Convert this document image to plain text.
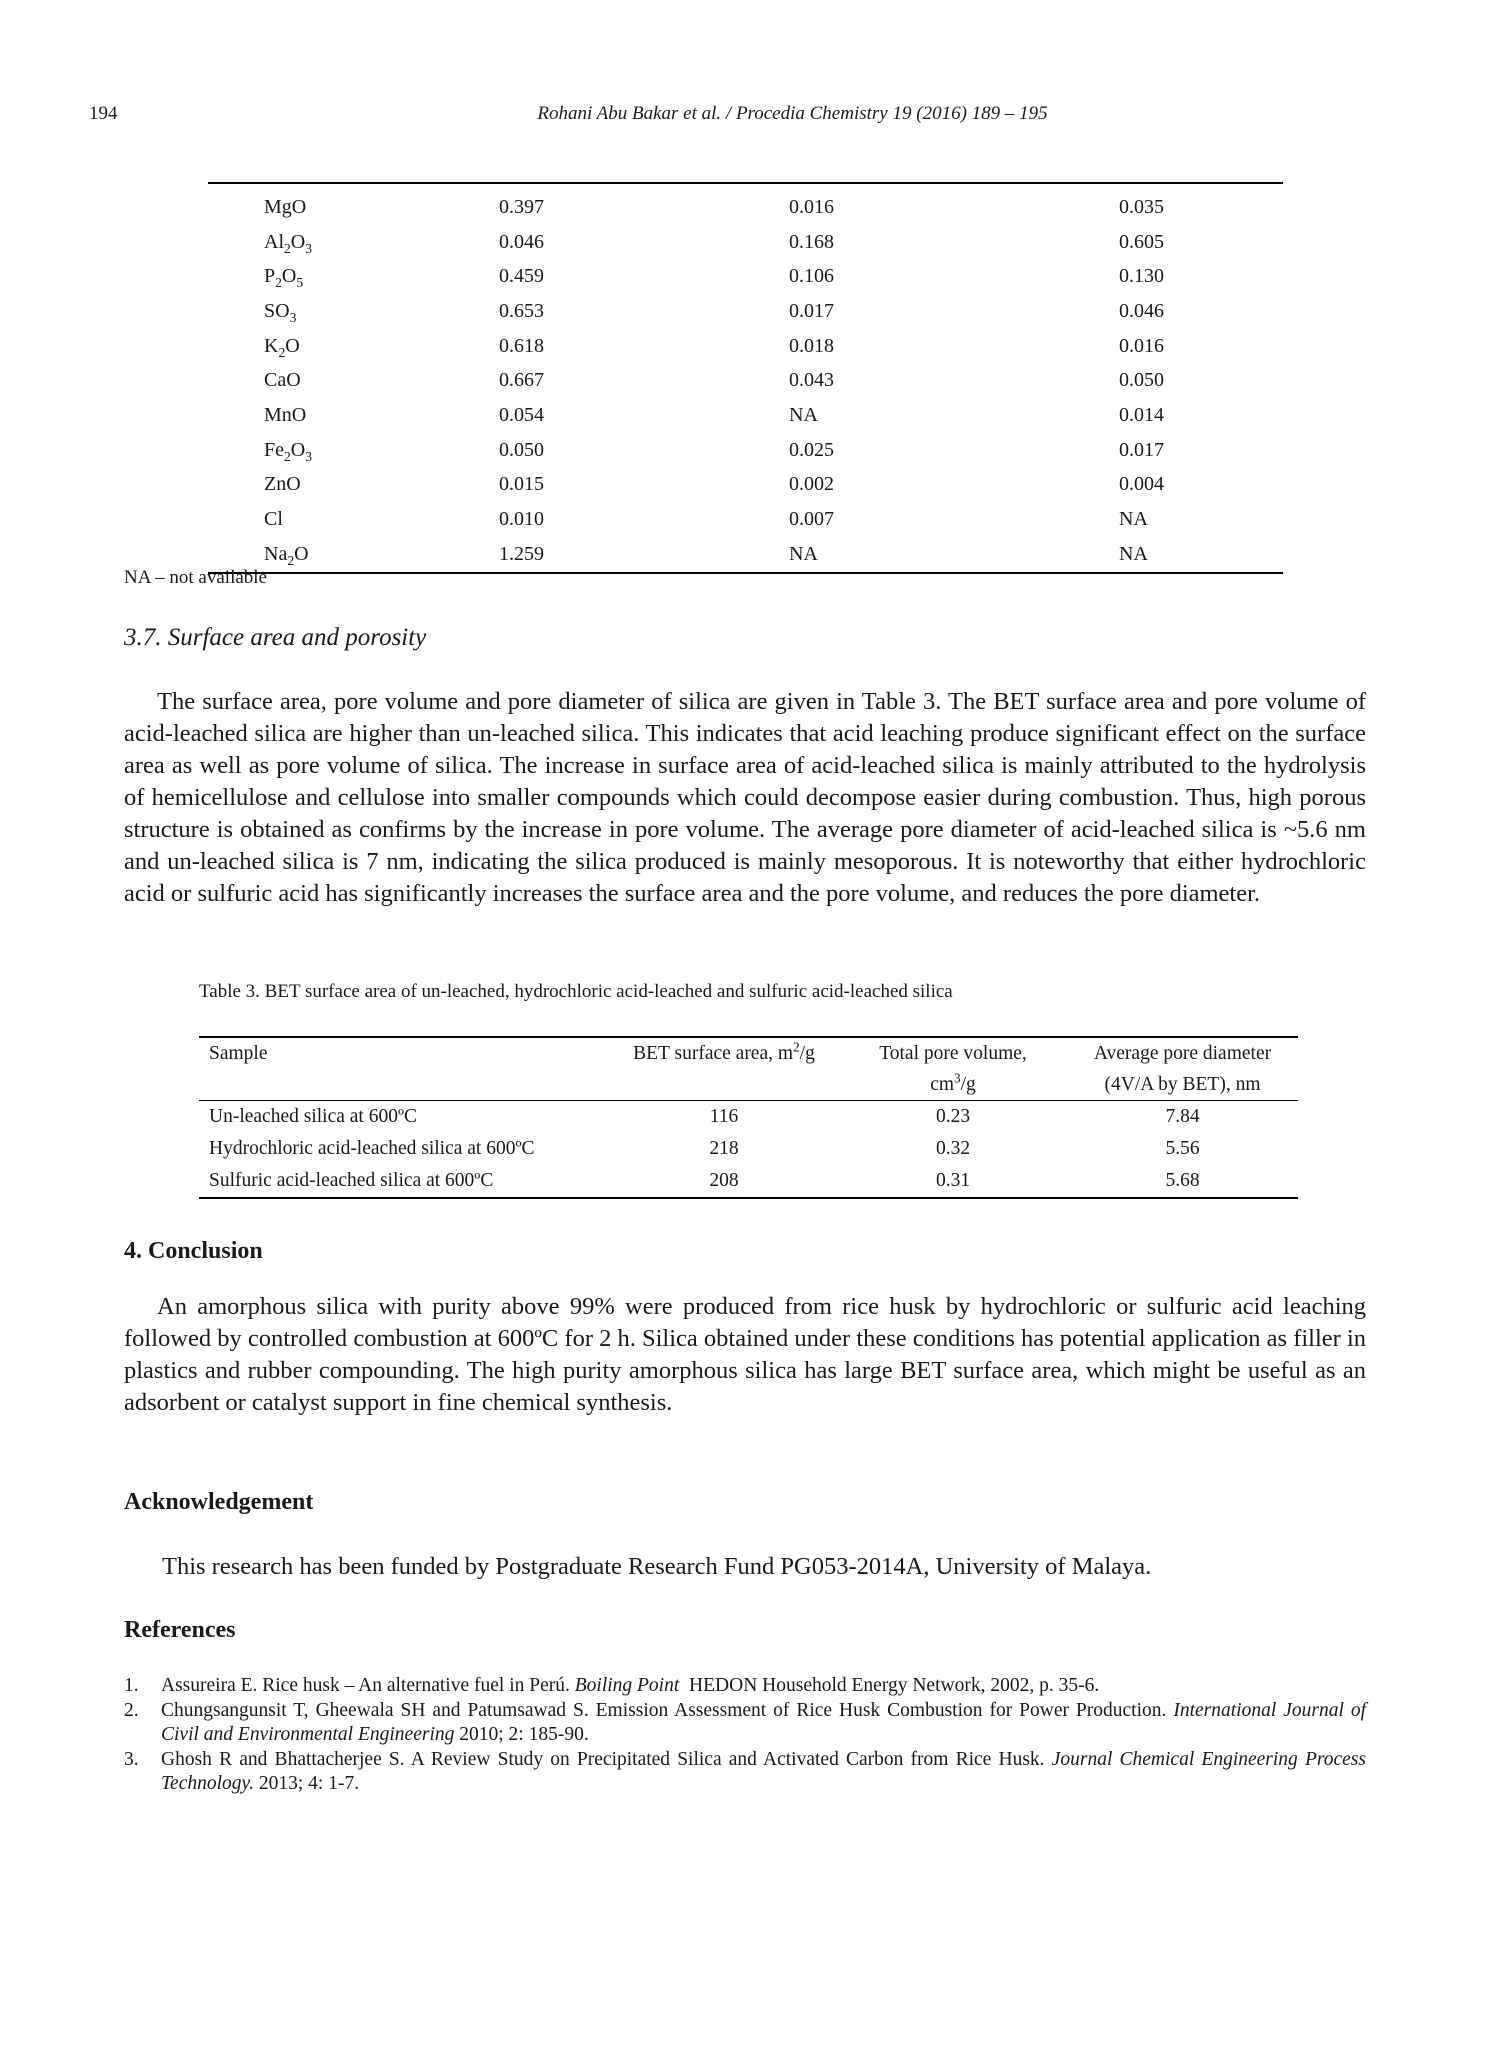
194	Rohani Abu Bakar et al. / Procedia Chemistry 19 (2016) 189 – 195
MgO	0.397	0.016	0.035
$Al_2O_3$	0.046	0.168	0.605
$P_2O_5$	0.459	0.106	0.130
$SO_3$	0.653	0.017	0.046
$K_2O$	0.618	0.018	0.016
CaO	0.667	0.043	0.050
MnO	0.054	NA	0.014
$Fe_2O_3$	0.050	0.025	0.017
ZnO	0.015	0.002	0.004
Cl	0.010	0.007	NA
$Na_2O$	1.259	NA	NA
NA – not available
3.7. Surface area and porosity

The surface area, pore volume and pore diameter of silica are given in Table 3. The BET surface area and pore volume of acid-leached silica are higher than un-leached silica. This indicates that acid leaching produce significant effect on the surface area as well as pore volume of silica. The increase in surface area of acid-leached silica is mainly attributed to the hydrolysis of hemicellulose and cellulose into smaller compounds which could decompose easier during combustion. Thus, high porous structure is obtained as confirms by the increase in pore volume. The average pore diameter of acid-leached silica is ~5.6 nm and un-leached silica is 7 nm, indicating the silica produced is mainly mesoporous. It is noteworthy that either hydrochloric acid or sulfuric acid has significantly increases the surface area and the pore volume, and reduces the pore diameter.

Table 3. BET surface area of un-leached, hydrochloric acid-leached and sulfuric acid-leached silica
Sample	BET surface area, $m^2/g$	Total pore volume,	Average pore diameter
		$cm^3/g$	(4V/A by BET), nm
Un-leached silica at 600ºC	116	0.23	7.84
Hydrochloric acid-leached silica at 600ºC	218	0.32	5.56
Sulfuric acid-leached silica at 600ºC	208	0.31	5.68
4. Conclusion

An amorphous silica with purity above 99% were produced from rice husk by hydrochloric or sulfuric acid leaching followed by controlled combustion at 600ºC for 2 h. Silica obtained under these conditions has potential application as filler in plastics and rubber compounding. The high purity amorphous silica has large BET surface area, which might be useful as an adsorbent or catalyst support in fine chemical synthesis.

Acknowledgement
This research has been funded by Postgraduate Research Fund PG053-2014A, University of Malaya.
References
1. Assureira E. Rice husk – An alternative fuel in Perú. Boiling Point  HEDON Household Energy Network, 2002, p. 35-6.
2. Chungsangunsit T, Gheewala SH and Patumsawad S. Emission Assessment of Rice Husk Combustion for Power Production. International Journal of Civil and Environmental Engineering 2010; 2: 185-90.
3. Ghosh R and Bhattacherjee S. A Review Study on Precipitated Silica and Activated Carbon from Rice Husk. Journal Chemical Engineering Process Technology. 2013; 4: 1-7.
